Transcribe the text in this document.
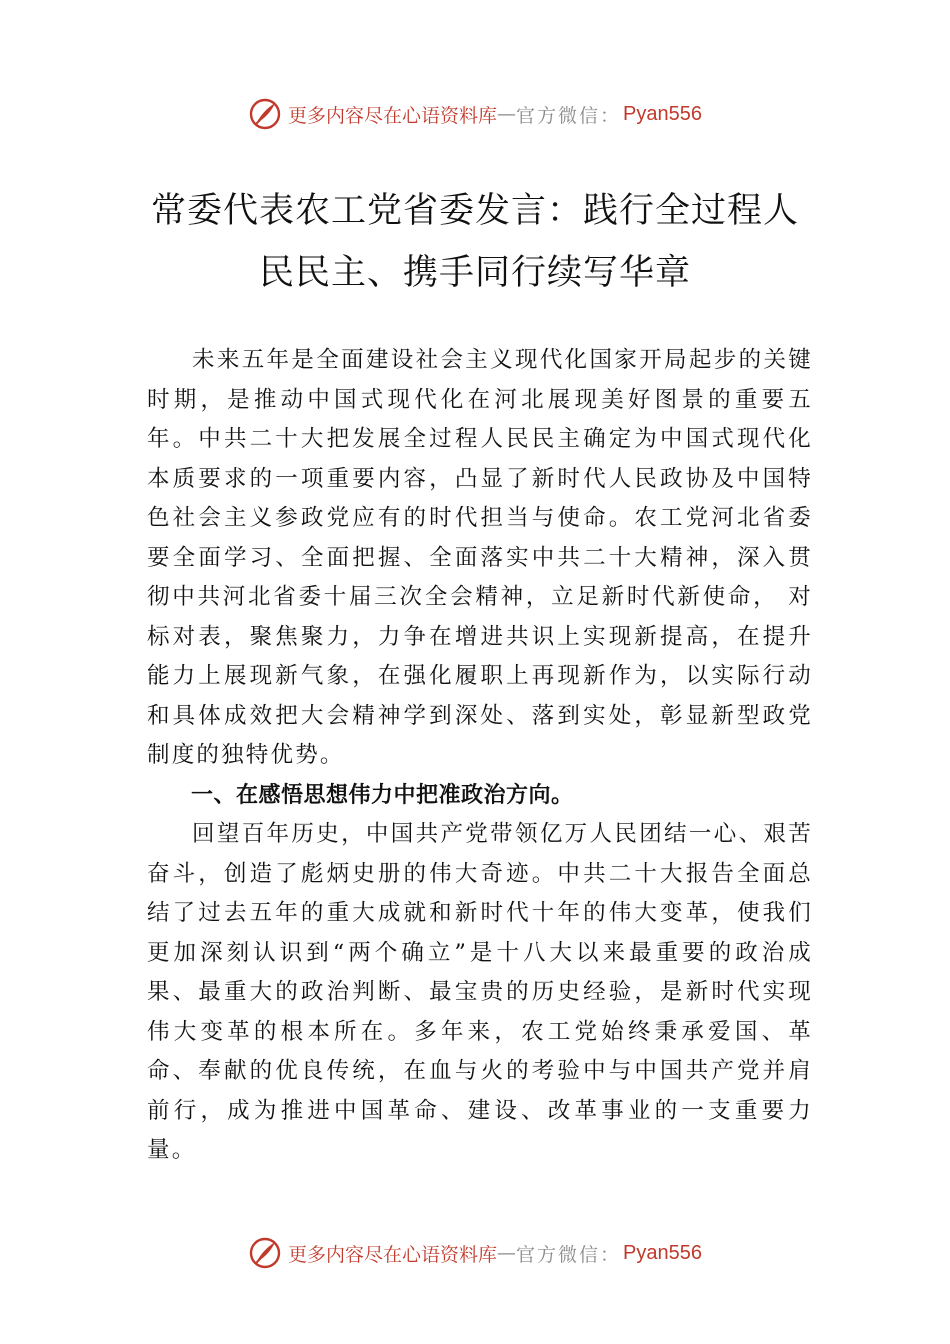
更多内容尽在心语资料库 — 官方微信： Pyan556
常委代表农工党省委发言：践行全过程人
民民主、携手同行续写华章

未来五年是全面建设社会主义现代化国家开局起步的关键时期，是推动中国式现代化在河北展现美好图景的重要五年。中共二十大把发展全过程人民民主确定为中国式现代化本质要求的一项重要内容，凸显了新时代人民政协及中国特色社会主义参政党应有的时代担当与使命。农工党河北省委要全面学习、全面把握、全面落实中共二十大精神，深入贯彻中共河北省委十届三次全会精神，立足新时代新使命， 对标对表，聚焦聚力，力争在增进共识上实现新提高，在提升能力上展现新气象，在强化履职上再现新作为，以实际行动和具体成效把大会精神学到深处、落到实处，彰显新型政党制度的独特优势。

一、在感悟思想伟力中把准政治方向。

回望百年历史，中国共产党带领亿万人民团结一心、艰苦奋斗，创造了彪炳史册的伟大奇迹。中共二十大报告全面总结了过去五年的重大成就和新时代十年的伟大变革，使我们更加深刻认识到“两个确立”是十八大以来最重要的政治成果、最重大的政治判断、最宝贵的历史经验，是新时代实现伟大变革的根本所在。多年来，农工党始终秉承爱国、革命、奉献的优良传统，在血与火的考验中与中国共产党并肩前行，成为推进中国革命、建设、改革事业的一支重要力量。

更多内容尽在心语资料库 — 官方微信： Pyan556
